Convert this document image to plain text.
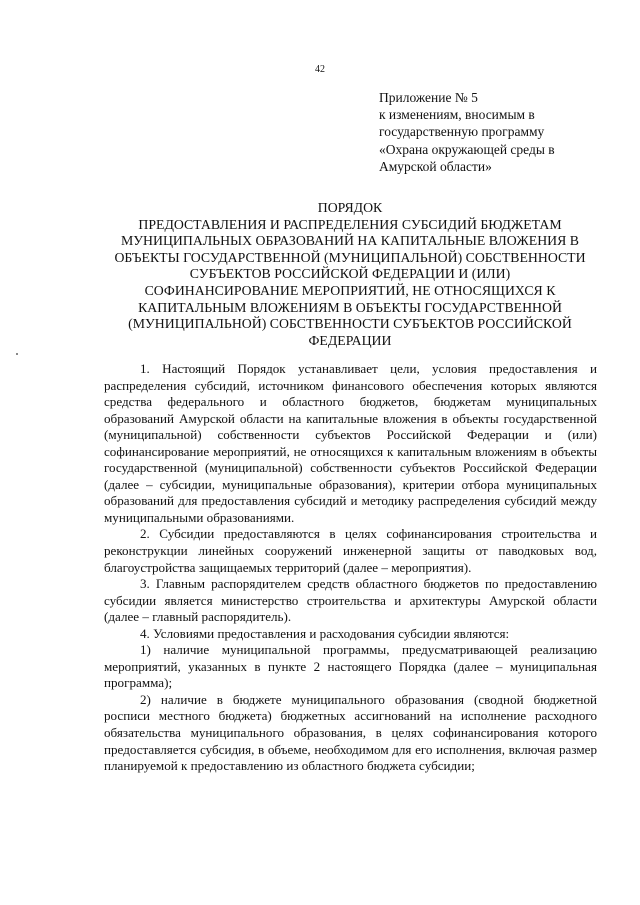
42
Приложение № 5
к изменениям, вносимым в
государственную программу
«Охрана окружающей среды в
Амурской области»
ПОРЯДОК
ПРЕДОСТАВЛЕНИЯ И РАСПРЕДЕЛЕНИЯ СУБСИДИЙ БЮДЖЕТАМ
МУНИЦИПАЛЬНЫХ ОБРАЗОВАНИЙ НА КАПИТАЛЬНЫЕ ВЛОЖЕНИЯ В
ОБЪЕКТЫ ГОСУДАРСТВЕННОЙ (МУНИЦИПАЛЬНОЙ) СОБСТВЕННОСТИ
СУБЪЕКТОВ РОССИЙСКОЙ ФЕДЕРАЦИИ И (ИЛИ)
СОФИНАНСИРОВАНИЕ МЕРОПРИЯТИЙ, НЕ ОТНОСЯЩИХСЯ К
КАПИТАЛЬНЫМ ВЛОЖЕНИЯМ В ОБЪЕКТЫ ГОСУДАРСТВЕННОЙ
(МУНИЦИПАЛЬНОЙ) СОБСТВЕННОСТИ СУБЪЕКТОВ РОССИЙСКОЙ
ФЕДЕРАЦИИ

1. Настоящий Порядок устанавливает цели, условия предоставления и распределения субсидий, источником финансового обеспечения которых являются средства федерального и областного бюджетов, бюджетам муниципальных образований Амурской области на капитальные вложения в объекты государственной (муниципальной) собственности субъектов Российской Федерации и (или) софинансирование мероприятий, не относящихся к капитальным вложениям в объекты государственной (муниципальной) собственности субъектов Российской Федерации (далее – субсидии, муниципальные образования), критерии отбора муниципальных образований для предоставления субсидий и методику распределения субсидий между муниципальными образованиями.

2. Субсидии предоставляются в целях софинансирования строительства и реконструкции линейных сооружений инженерной защиты от паводковых вод, благоустройства защищаемых территорий (далее – мероприятия).

3. Главным распорядителем средств областного бюджетов по предоставлению субсидии является министерство строительства и архитектуры Амурской области (далее – главный распорядитель).

4. Условиями предоставления и расходования субсидии являются:

1) наличие муниципальной программы, предусматривающей реализацию мероприятий, указанных в пункте 2 настоящего Порядка (далее – муниципальная программа);

2) наличие в бюджете муниципального образования (сводной бюджетной росписи местного бюджета) бюджетных ассигнований на исполнение расходного обязательства муниципального образования, в целях софинансирования которого предоставляется субсидия, в объеме, необходимом для его исполнения, включая размер планируемой к предоставлению из областного бюджета субсидии;
